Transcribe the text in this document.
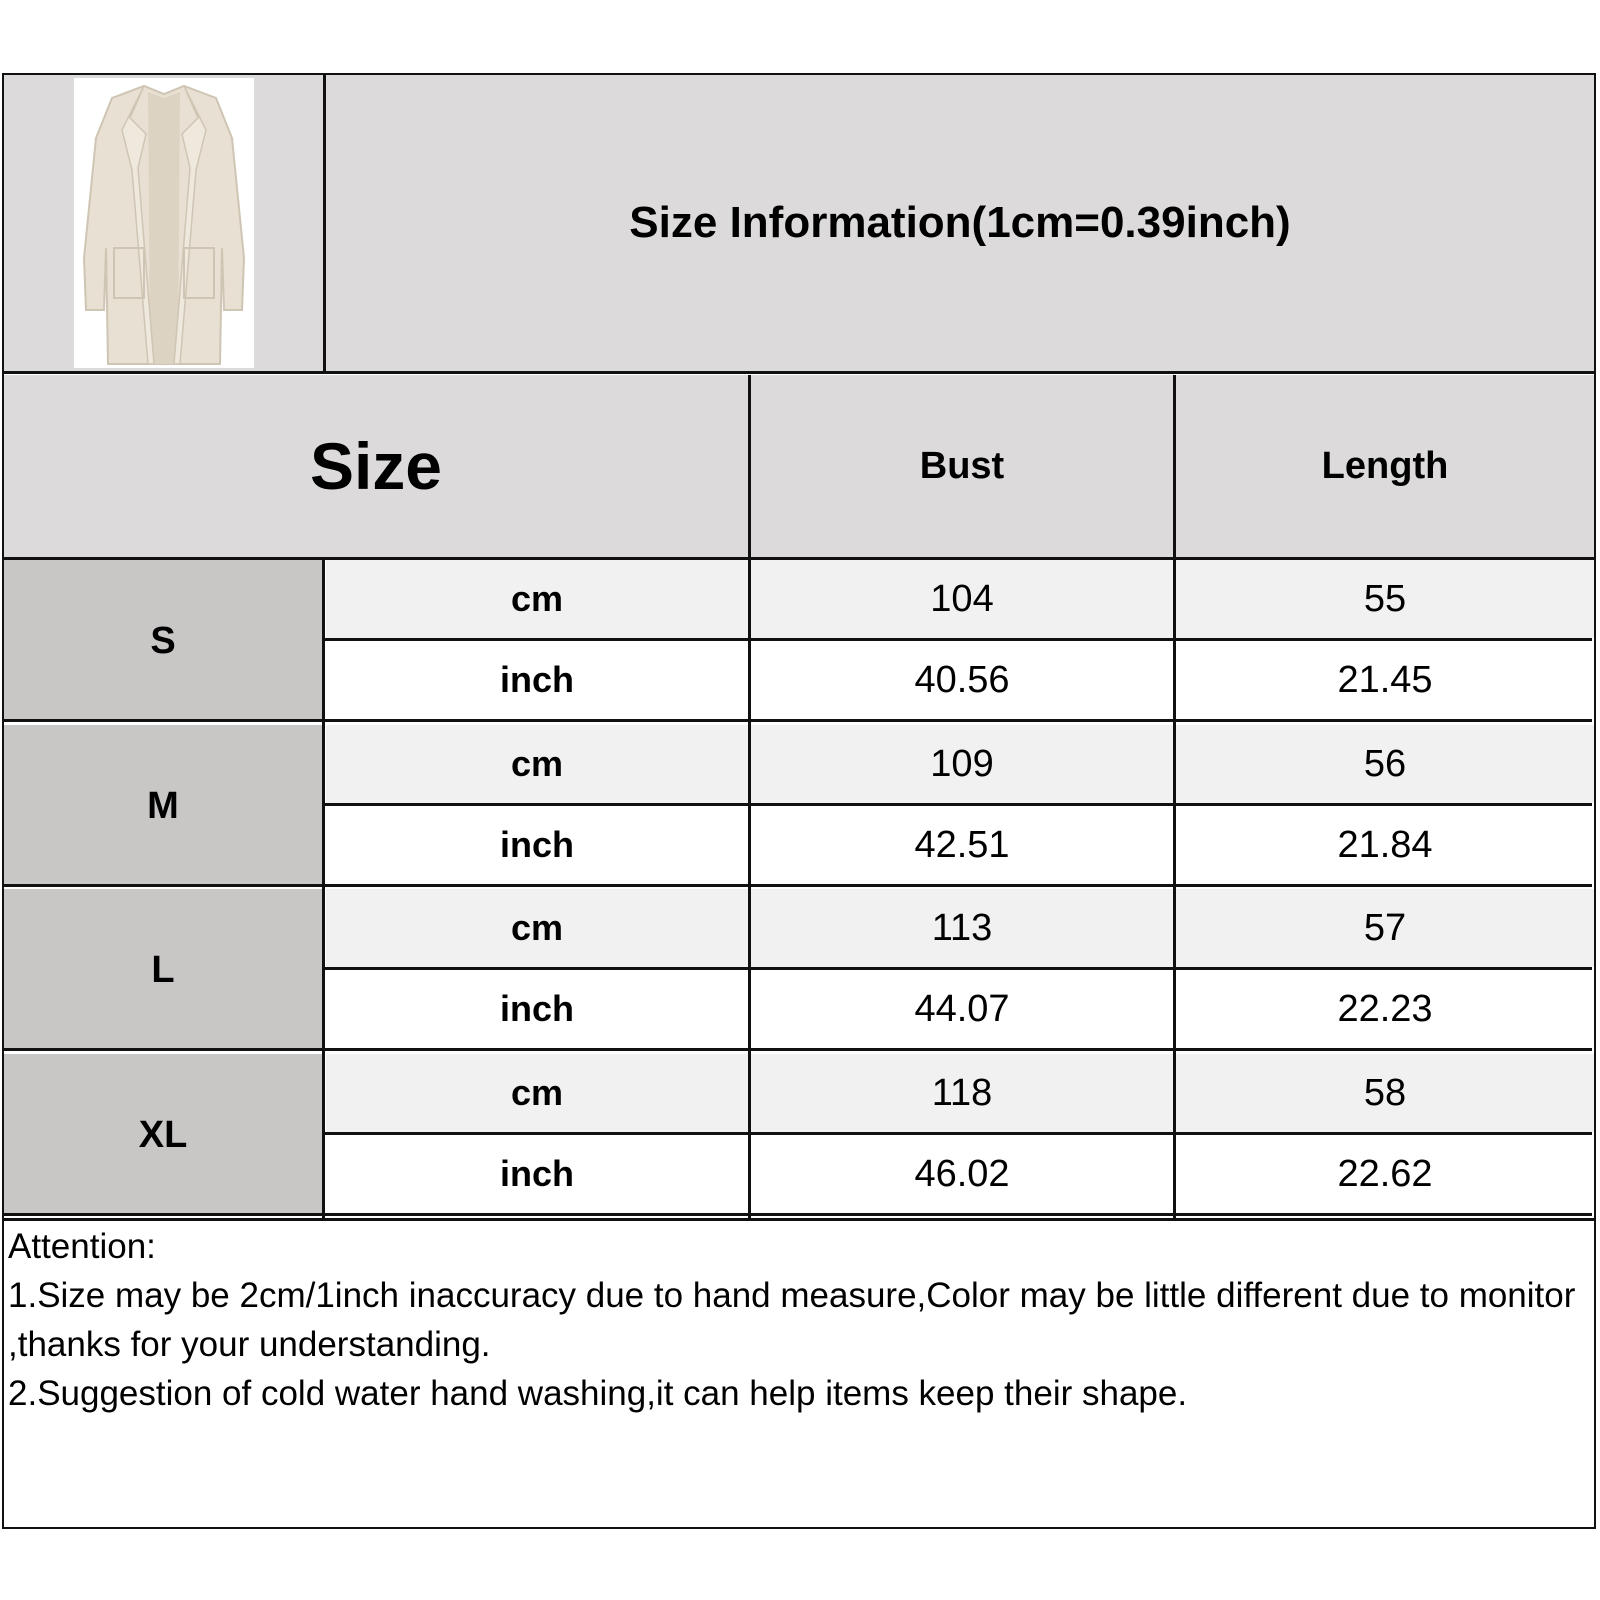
Size Information(1cm=0.39inch)
Size	Bust	Length
S
cm	104	55
inch	40.56	21.45
M
cm	109	56
inch	42.51	21.84
L
cm	113	57
inch	44.07	22.23
XL
cm	118	58
inch	46.02	22.62
Attention:
1.Size may be 2cm/1inch inaccuracy due to hand measure,Color may be little different due to monitor ,thanks for your understanding.
2.Suggestion of cold water hand washing,it can help items keep their shape.
